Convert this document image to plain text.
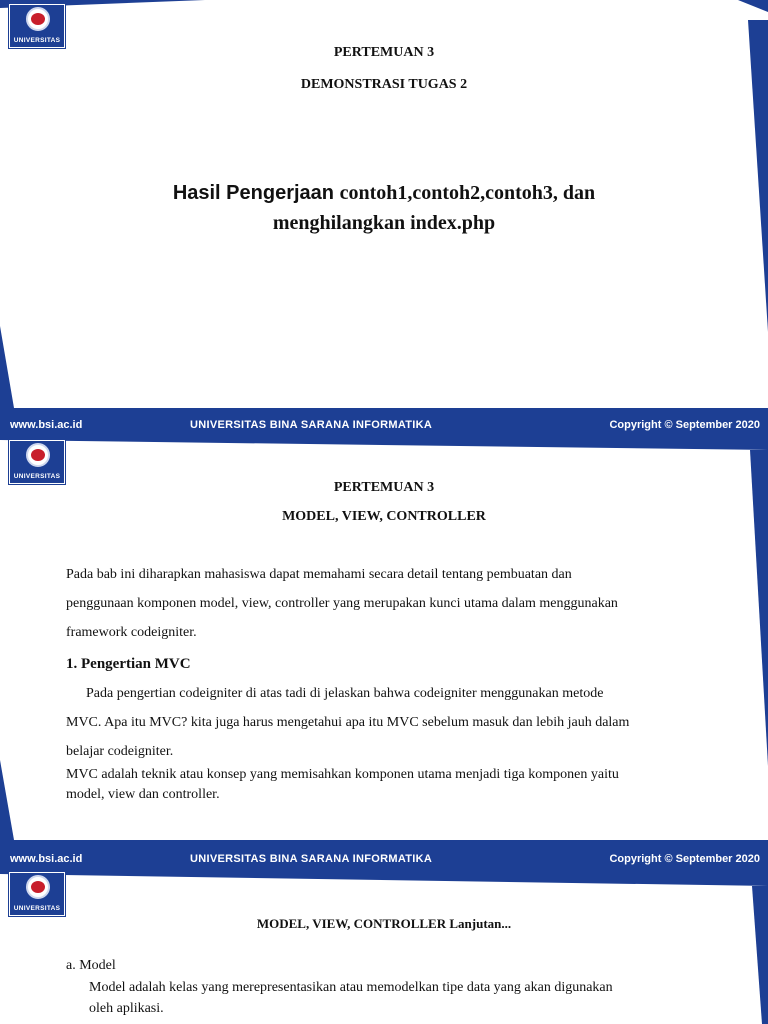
UNIVERSITAS
PERTEMUAN 3
DEMONSTRASI TUGAS 2
Hasil Pengerjaan contoh1,contoh2,contoh3, dan
menghilangkan index.php
www.bsi.ac.id	UNIVERSITAS BINA SARANA INFORMATIKA	Copyright © September 2020
UNIVERSITAS
PERTEMUAN 3
MODEL, VIEW, CONTROLLER
Pada bab ini diharapkan mahasiswa dapat memahami secara detail tentang pembuatan dan
penggunaan komponen model, view, controller yang merupakan kunci utama dalam menggunakan
framework codeigniter.
1. Pengertian MVC
Pada pengertian codeigniter di atas tadi di jelaskan bahwa codeigniter menggunakan metode
MVC. Apa itu MVC? kita juga harus mengetahui apa itu MVC sebelum masuk dan lebih jauh dalam
belajar codeigniter.
MVC adalah teknik atau konsep yang memisahkan komponen utama menjadi tiga komponen yaitu
model, view dan controller.
www.bsi.ac.id	UNIVERSITAS BINA SARANA INFORMATIKA	Copyright © September 2020
UNIVERSITAS
MODEL, VIEW, CONTROLLER Lanjutan...
a. Model
Model adalah kelas yang merepresentasikan atau memodelkan tipe data yang akan digunakan
oleh aplikasi.
